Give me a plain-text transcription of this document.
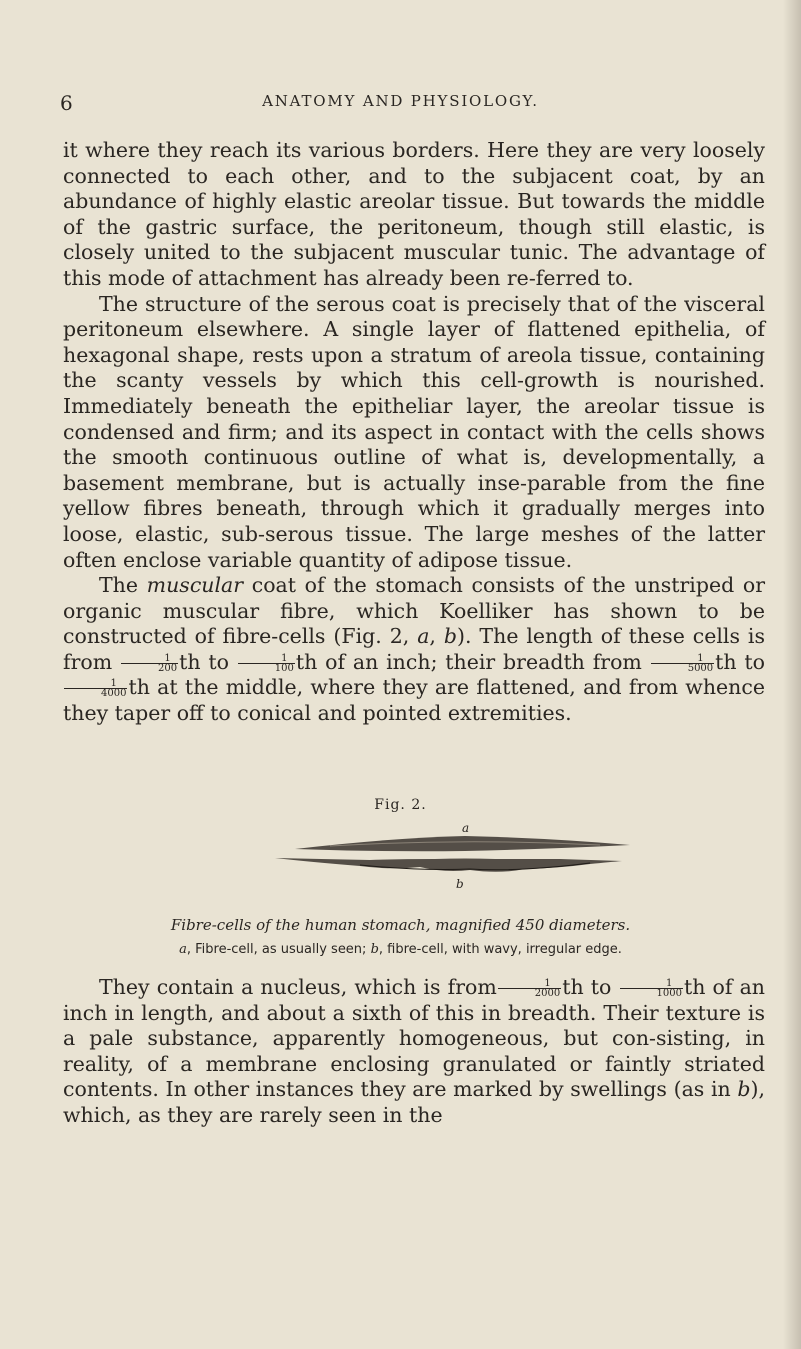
6	ANATOMY AND PHYSIOLOGY.

it where they reach its various borders. Here they are very loosely connected to each other, and to the subjacent coat, by an abundance of highly elastic areolar tissue. But towards the middle of the gastric surface, the peritoneum, though still elastic, is closely united to the subjacent muscular tunic. The advantage of this mode of attachment has already been re-ferred to.

The structure of the serous coat is precisely that of the visceral peritoneum elsewhere. A single layer of flattened epithelia, of hexagonal shape, rests upon a stratum of areola tissue, containing the scanty vessels by which this cell-growth is nourished. Immediately beneath the epitheliar layer, the areolar tissue is condensed and firm; and its aspect in contact with the cells shows the smooth continuous outline of what is, developmentally, a basement membrane, but is actually inse-parable from the fine yellow fibres beneath, through which it gradually merges into loose, elastic, sub-serous tissue. The large meshes of the latter often enclose variable quantity of adipose tissue.

The muscular coat of the stomach consists of the unstriped or organic muscular fibre, which Koelliker has shown to be constructed of fibre-cells (Fig. 2, a, b). The length of these cells is from $\frac{1}{200}$ th to $\frac{1}{100}$ th of an inch; their breadth from $\frac{1}{5000}$ th to
$\frac{1}{4000}$ th at the middle, where they are flattened, and from whence they taper off to conical and pointed extremities.

Fig. 2.
a
b
Fibre-cells of the human stomach, magnified 450 diameters.
a, Fibre-cell, as usually seen; b, fibre-cell, with wavy, irregular edge.

They contain a nucleus, which is from $\frac{1}{2000}$ th to $\frac{1}{1000}$ th of an inch in length, and about a sixth of this in breadth. Their texture is a pale substance, apparently homogeneous, but con-sisting, in reality, of a membrane enclosing granulated or faintly striated contents. In other instances they are marked by swellings (as in b), which, as they are rarely seen in the
